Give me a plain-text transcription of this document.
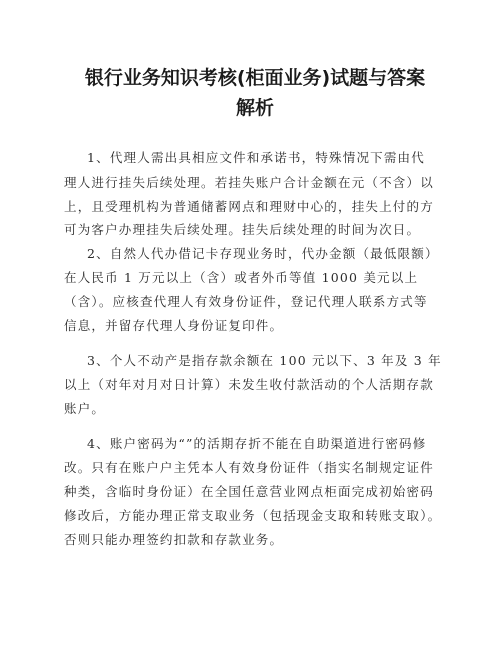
银行业务知识考核(柜面业务)试题与答案
解析
1、代理人需出具相应文件和承诺书，特殊情况下需由代
理人进行挂失后续处理。若挂失账户合计金额在元（不含）以
上，且受理机构为普通储蓄网点和理财中心的，挂失上付的方
可为客户办理挂失后续处理。挂失后续处理的时间为次日。
2、自然人代办借记卡存现业务时，代办金额（最低限额）
在人民币 1 万元以上（含）或者外币等值 1000 美元以上
（含）。应核查代理人有效身份证件，登记代理人联系方式等
信息，并留存代理人身份证复印件。
3、个人不动产是指存款余额在 100 元以下、3 年及 3 年
以上（对年对月对日计算）未发生收付款活动的个人活期存款
账户。
4、账户密码为“”的活期存折不能在自助渠道进行密码修
改。只有在账户户主凭本人有效身份证件（指实名制规定证件
种类，含临时身份证）在全国任意营业网点柜面完成初始密码
修改后，方能办理正常支取业务（包括现金支取和转账支取）。
否则只能办理签约扣款和存款业务。
